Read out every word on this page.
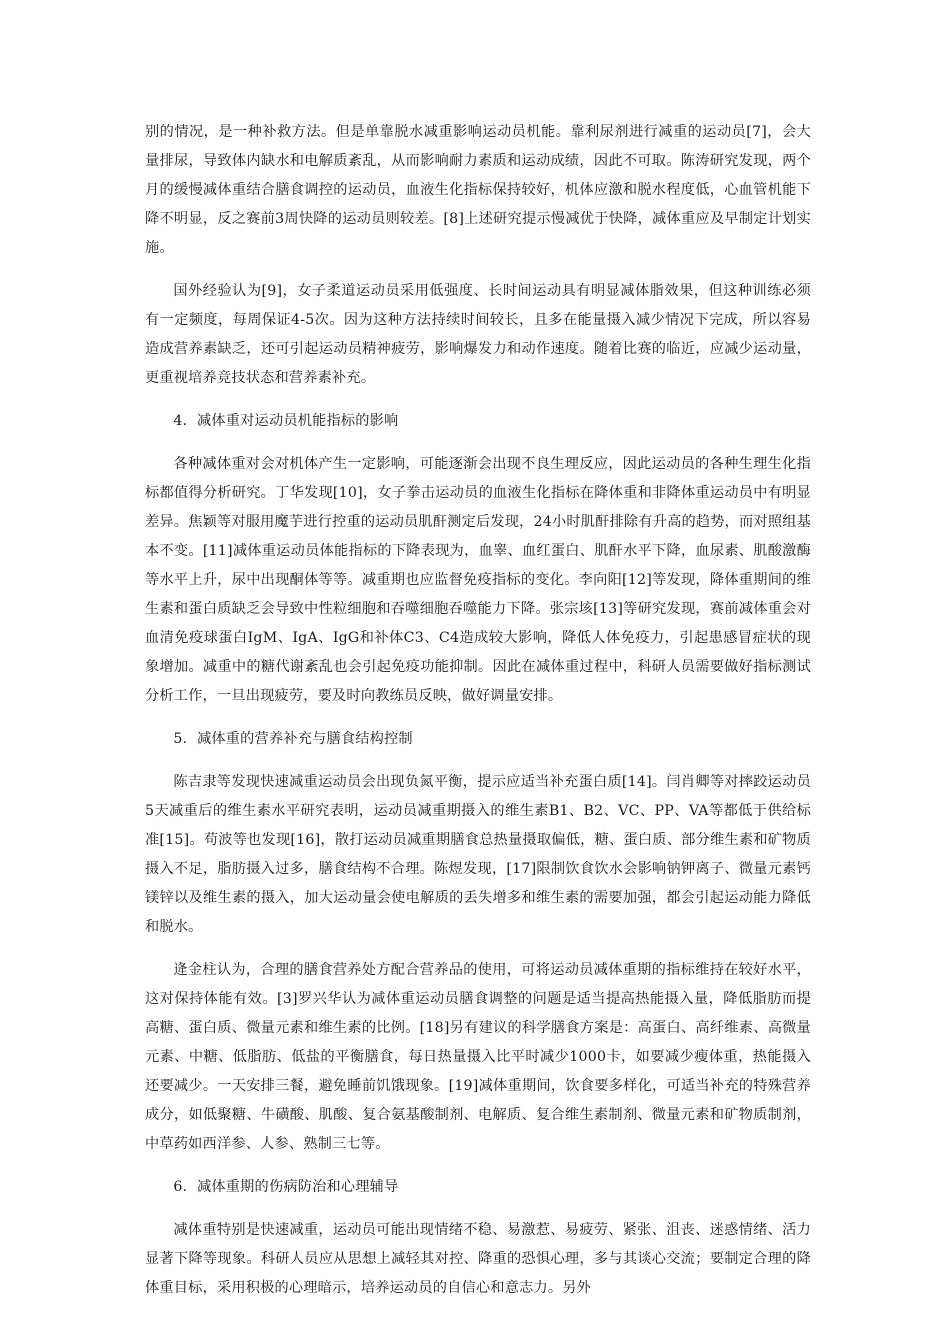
别的情况，是一种补救方法。但是单靠脱水减重影响运动员机能。靠利尿剂进行减重的运动员[7]，会大量排尿，导致体内缺水和电解质紊乱，从而影响耐力素质和运动成绩，因此不可取。陈涛研究发现，两个月的缓慢减体重结合膳食调控的运动员，血液生化指标保持较好，机体应激和脱水程度低，心血管机能下降不明显，反之赛前3周快降的运动员则较差。[8]上述研究提示慢减优于快降，减体重应及早制定计划实施。

国外经验认为[9]，女子柔道运动员采用低强度、长时间运动具有明显减体脂效果，但这种训练必须有一定频度，每周保证4-5次。因为这种方法持续时间较长，且多在能量摄入减少情况下完成，所以容易造成营养素缺乏，还可引起运动员精神疲劳，影响爆发力和动作速度。随着比赛的临近，应减少运动量，更重视培养竞技状态和营养素补充。

4．减体重对运动员机能指标的影响

各种减体重对会对机体产生一定影响，可能逐渐会出现不良生理反应，因此运动员的各种生理生化指标都值得分析研究。丁华发现[10]，女子拳击运动员的血液生化指标在降体重和非降体重运动员中有明显差异。焦颖等对服用魔芋进行控重的运动员肌酐测定后发现，24小时肌酐排除有升高的趋势，而对照组基本不变。[11]减体重运动员体能指标的下降表现为，血睾、血红蛋白、肌酐水平下降，血尿素、肌酸激酶等水平上升，尿中出现酮体等等。减重期也应监督免疫指标的变化。李向阳[12]等发现，降体重期间的维生素和蛋白质缺乏会导致中性粒细胞和吞噬细胞吞噬能力下降。张宗垓[13]等研究发现，赛前减体重会对血清免疫球蛋白IgM、IgA、IgG和补体C3、C4造成较大影响，降低人体免疫力，引起患感冒症状的现象增加。减重中的糖代谢紊乱也会引起免疫功能抑制。因此在减体重过程中，科研人员需要做好指标测试分析工作，一旦出现疲劳，要及时向教练员反映，做好调量安排。

5．减体重的营养补充与膳食结构控制

陈吉隶等发现快速减重运动员会出现负氮平衡，提示应适当补充蛋白质[14]。闫肖卿等对摔跤运动员5天减重后的维生素水平研究表明，运动员减重期摄入的维生素B1、B2、VC、PP、VA等都低于供给标准[15]。苟波等也发现[16]，散打运动员减重期膳食总热量摄取偏低，糖、蛋白质、部分维生素和矿物质摄入不足，脂肪摄入过多，膳食结构不合理。陈煜发现，[17]限制饮食饮水会影响钠钾离子、微量元素钙镁锌以及维生素的摄入，加大运动量会使电解质的丢失增多和维生素的需要加强，都会引起运动能力降低和脱水。

逄金柱认为，合理的膳食营养处方配合营养品的使用，可将运动员减体重期的指标维持在较好水平，这对保持体能有效。[3]罗兴华认为减体重运动员膳食调整的问题是适当提高热能摄入量，降低脂肪而提高糖、蛋白质、微量元素和维生素的比例。[18]另有建议的科学膳食方案是：高蛋白、高纤维素、高微量元素、中糖、低脂肪、低盐的平衡膳食，每日热量摄入比平时减少1000卡，如要减少瘦体重，热能摄入还要减少。一天安排三餐，避免睡前饥饿现象。[19]减体重期间，饮食要多样化，可适当补充的特殊营养成分，如低聚糖、牛磺酸、肌酸、复合氨基酸制剂、电解质、复合维生素制剂、微量元素和矿物质制剂，中草药如西洋参、人参、熟制三七等。

6．减体重期的伤病防治和心理辅导

减体重特别是快速减重，运动员可能出现情绪不稳、易激惹、易疲劳、紧张、沮丧、迷惑情绪、活力显著下降等现象。科研人员应从思想上减轻其对控、降重的恐惧心理，多与其谈心交流；要制定合理的降体重目标，采用积极的心理暗示，培养运动员的自信心和意志力。另外
